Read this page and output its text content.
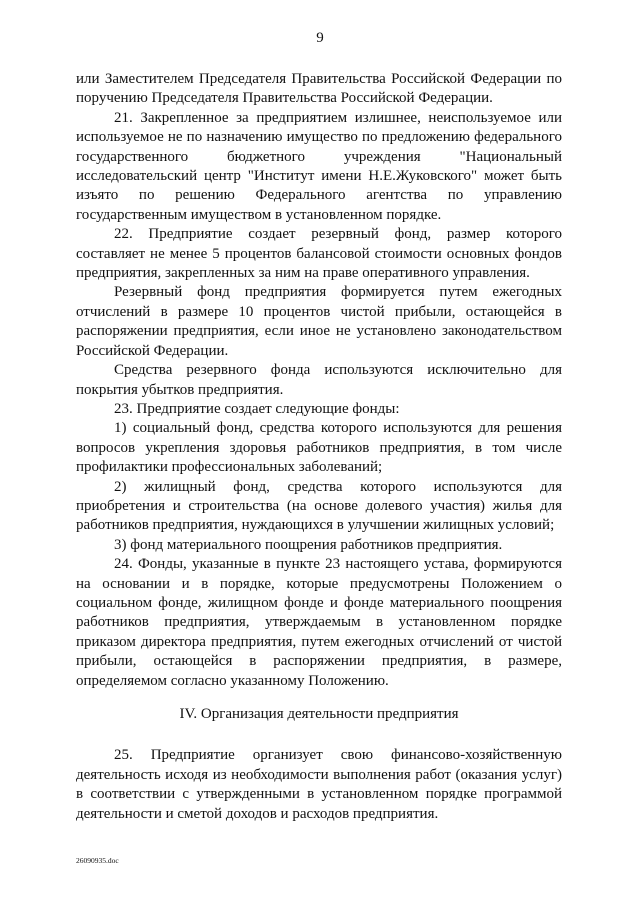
9

или Заместителем Председателя Правительства Российской Федерации по поручению Председателя Правительства Российской Федерации.

21. Закрепленное за предприятием излишнее, неиспользуемое или используемое не по назначению имущество по предложению федерального государственного бюджетного учреждения "Национальный исследовательский центр "Институт имени Н.Е.Жуковского" может быть изъято по решению Федерального агентства по управлению государственным имуществом в установленном порядке.

22. Предприятие создает резервный фонд, размер которого составляет не менее 5 процентов балансовой стоимости основных фондов предприятия, закрепленных за ним на праве оперативного управления.

Резервный фонд предприятия формируется путем ежегодных отчислений в размере 10 процентов чистой прибыли, остающейся в распоряжении предприятия, если иное не установлено законодательством Российской Федерации.

Средства резервного фонда используются исключительно для покрытия убытков предприятия.

23. Предприятие создает следующие фонды:

1) социальный фонд, средства которого используются для решения вопросов укрепления здоровья работников предприятия, в том числе профилактики профессиональных заболеваний;

2) жилищный фонд, средства которого используются для приобретения и строительства (на основе долевого участия) жилья для работников предприятия, нуждающихся в улучшении жилищных условий;

3) фонд материального поощрения работников предприятия.

24. Фонды, указанные в пункте 23 настоящего устава, формируются на основании и в порядке, которые предусмотрены Положением о социальном фонде, жилищном фонде и фонде материального поощрения работников предприятия, утверждаемым в установленном порядке приказом директора предприятия, путем ежегодных отчислений от чистой прибыли, остающейся в распоряжении предприятия, в размере, определяемом согласно указанному Положению.

IV. Организация деятельности предприятия

25. Предприятие организует свою финансово-хозяйственную деятельность исходя из необходимости выполнения работ (оказания услуг) в соответствии с утвержденными в установленном порядке программой деятельности и сметой доходов и расходов предприятия.

26090935.doc
